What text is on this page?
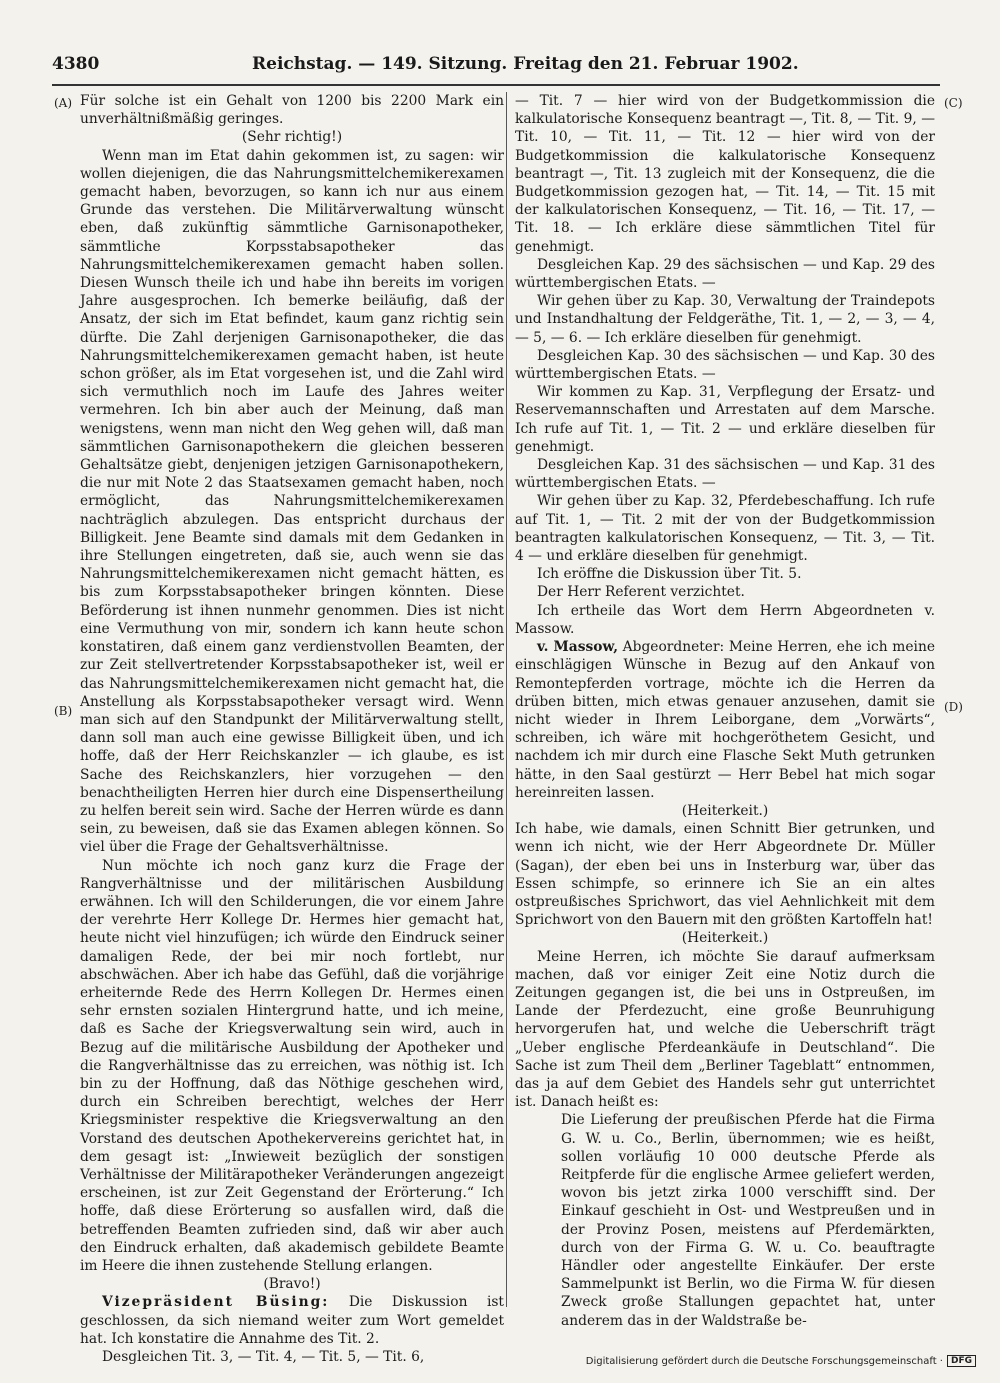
4380	Reichstag. — 149. Sitzung. Freitag den 21. Februar 1902.
(A)
(B)
(C)
(D)

Für solche ist ein Gehalt von 1200 bis 2200 Mark ein unverhältnißmäßig geringes.

(Sehr richtig!)

Wenn man im Etat dahin gekommen ist, zu sagen: wir wollen diejenigen, die das Nahrungsmittelchemikerexamen gemacht haben, bevorzugen, so kann ich nur aus einem Grunde das verstehen. Die Militärverwaltung wünscht eben, daß zukünftig sämmtliche Garnisonapotheker, sämmtliche Korpsstabsapotheker das Nahrungsmittelchemikerexamen gemacht haben sollen. Diesen Wunsch theile ich und habe ihn bereits im vorigen Jahre ausgesprochen. Ich bemerke beiläufig, daß der Ansatz, der sich im Etat befindet, kaum ganz richtig sein dürfte. Die Zahl derjenigen Garnisonapotheker, die das Nahrungsmittelchemikerexamen gemacht haben, ist heute schon größer, als im Etat vorgesehen ist, und die Zahl wird sich vermuthlich noch im Laufe des Jahres weiter vermehren. Ich bin aber auch der Meinung, daß man wenigstens, wenn man nicht den Weg gehen will, daß man sämmtlichen Garnisonapothekern die gleichen besseren Gehaltsätze giebt, denjenigen jetzigen Garnisonapothekern, die nur mit Note 2 das Staatsexamen gemacht haben, noch ermöglicht, das Nahrungsmittelchemikerexamen nachträglich abzulegen. Das entspricht durchaus der Billigkeit. Jene Beamte sind damals mit dem Gedanken in ihre Stellungen eingetreten, daß sie, auch wenn sie das Nahrungsmittelchemikerexamen nicht gemacht hätten, es bis zum Korpsstabsapotheker bringen könnten. Diese Beförderung ist ihnen nunmehr genommen. Dies ist nicht eine Vermuthung von mir, sondern ich kann heute schon konstatiren, daß einem ganz verdienstvollen Beamten, der zur Zeit stellvertretender Korpsstabsapotheker ist, weil er das Nahrungsmittelchemikerexamen nicht gemacht hat, die Anstellung als Korpsstabsapotheker versagt wird. Wenn man sich auf den Standpunkt der Militärverwaltung stellt, dann soll man auch eine gewisse Billigkeit üben, und ich hoffe, daß der Herr Reichskanzler — ich glaube, es ist Sache des Reichskanzlers, hier vorzugehen — den benachtheiligten Herren hier durch eine Dispensertheilung zu helfen bereit sein wird. Sache der Herren würde es dann sein, zu beweisen, daß sie das Examen ablegen können. So viel über die Frage der Gehaltsverhältnisse.

Nun möchte ich noch ganz kurz die Frage der Rangverhältnisse und der militärischen Ausbildung erwähnen. Ich will den Schilderungen, die vor einem Jahre der verehrte Herr Kollege Dr. Hermes hier gemacht hat, heute nicht viel hinzufügen; ich würde den Eindruck seiner damaligen Rede, der bei mir noch fortlebt, nur abschwächen. Aber ich habe das Gefühl, daß die vorjährige erheiternde Rede des Herrn Kollegen Dr. Hermes einen sehr ernsten sozialen Hintergrund hatte, und ich meine, daß es Sache der Kriegsverwaltung sein wird, auch in Bezug auf die militärische Ausbildung der Apotheker und die Rangverhältnisse das zu erreichen, was nöthig ist. Ich bin zu der Hoffnung, daß das Nöthige geschehen wird, durch ein Schreiben berechtigt, welches der Herr Kriegsminister respektive die Kriegsverwaltung an den Vorstand des deutschen Apothekervereins gerichtet hat, in dem gesagt ist: „Inwieweit bezüglich der sonstigen Verhältnisse der Militärapotheker Veränderungen angezeigt erscheinen, ist zur Zeit Gegenstand der Erörterung.“ Ich hoffe, daß diese Erörterung so ausfallen wird, daß die betreffenden Beamten zufrieden sind, daß wir aber auch den Eindruck erhalten, daß akademisch gebildete Beamte im Heere die ihnen zustehende Stellung erlangen.

(Bravo!)

Vizepräsident Büsing: Die Diskussion ist geschlossen, da sich niemand weiter zum Wort gemeldet hat. Ich konstatire die Annahme des Tit. 2.

Desgleichen Tit. 3, — Tit. 4, — Tit. 5, — Tit. 6,

— Tit. 7 — hier wird von der Budgetkommission die kalkulatorische Konsequenz beantragt —, Tit. 8, — Tit. 9, — Tit. 10, — Tit. 11, — Tit. 12 — hier wird von der Budgetkommission die kalkulatorische Konsequenz beantragt —, Tit. 13 zugleich mit der Konsequenz, die die Budgetkommission gezogen hat, — Tit. 14, — Tit. 15 mit der kalkulatorischen Konsequenz, — Tit. 16, — Tit. 17, — Tit. 18. — Ich erkläre diese sämmtlichen Titel für genehmigt.

Desgleichen Kap. 29 des sächsischen — und Kap. 29 des württembergischen Etats. —

Wir gehen über zu Kap. 30, Verwaltung der Traindepots und Instandhaltung der Feldgeräthe, Tit. 1, — 2, — 3, — 4, — 5, — 6. — Ich erkläre dieselben für genehmigt.

Desgleichen Kap. 30 des sächsischen — und Kap. 30 des württembergischen Etats. —

Wir kommen zu Kap. 31, Verpflegung der Ersatz- und Reservemannschaften und Arrestaten auf dem Marsche. Ich rufe auf Tit. 1, — Tit. 2 — und erkläre dieselben für genehmigt.

Desgleichen Kap. 31 des sächsischen — und Kap. 31 des württembergischen Etats. —

Wir gehen über zu Kap. 32, Pferdebeschaffung. Ich rufe auf Tit. 1, — Tit. 2 mit der von der Budgetkommission beantragten kalkulatorischen Konsequenz, — Tit. 3, — Tit. 4 — und erkläre dieselben für genehmigt.

Ich eröffne die Diskussion über Tit. 5.

Der Herr Referent verzichtet.

Ich ertheile das Wort dem Herrn Abgeordneten v. Massow.

v. Massow, Abgeordneter: Meine Herren, ehe ich meine einschlägigen Wünsche in Bezug auf den Ankauf von Remontepferden vortrage, möchte ich die Herren da drüben bitten, mich etwas genauer anzusehen, damit sie nicht wieder in Ihrem Leiborgane, dem „Vorwärts“, schreiben, ich wäre mit hochgeröthetem Gesicht, und nachdem ich mir durch eine Flasche Sekt Muth getrunken hätte, in den Saal gestürzt — Herr Bebel hat mich sogar hereinreiten lassen.

(Heiterkeit.)

Ich habe, wie damals, einen Schnitt Bier getrunken, und wenn ich nicht, wie der Herr Abgeordnete Dr. Müller (Sagan), der eben bei uns in Insterburg war, über das Essen schimpfe, so erinnere ich Sie an ein altes ostpreußisches Sprichwort, das viel Aehnlichkeit mit dem Sprichwort von den Bauern mit den größten Kartoffeln hat!

(Heiterkeit.)

Meine Herren, ich möchte Sie darauf aufmerksam machen, daß vor einiger Zeit eine Notiz durch die Zeitungen gegangen ist, die bei uns in Ostpreußen, im Lande der Pferdezucht, eine große Beunruhigung hervorgerufen hat, und welche die Ueberschrift trägt „Ueber englische Pferdeankäufe in Deutschland“. Die Sache ist zum Theil dem „Berliner Tageblatt“ entnommen, das ja auf dem Gebiet des Handels sehr gut unterrichtet ist. Danach heißt es:

Die Lieferung der preußischen Pferde hat die Firma G. W. u. Co., Berlin, übernommen; wie es heißt, sollen vorläufig 10 000 deutsche Pferde als Reitpferde für die englische Armee geliefert werden, wovon bis jetzt zirka 1000 verschifft sind. Der Einkauf geschieht in Ost- und Westpreußen und in der Provinz Posen, meistens auf Pferdemärkten, durch von der Firma G. W. u. Co. beauftragte Händler oder angestellte Einkäufer. Der erste Sammelpunkt ist Berlin, wo die Firma W. für diesen Zweck große Stallungen gepachtet hat, unter anderem das in der Waldstraße be-

Digitalisierung gefördert durch die Deutsche Forschungsgemeinschaft · DFG
